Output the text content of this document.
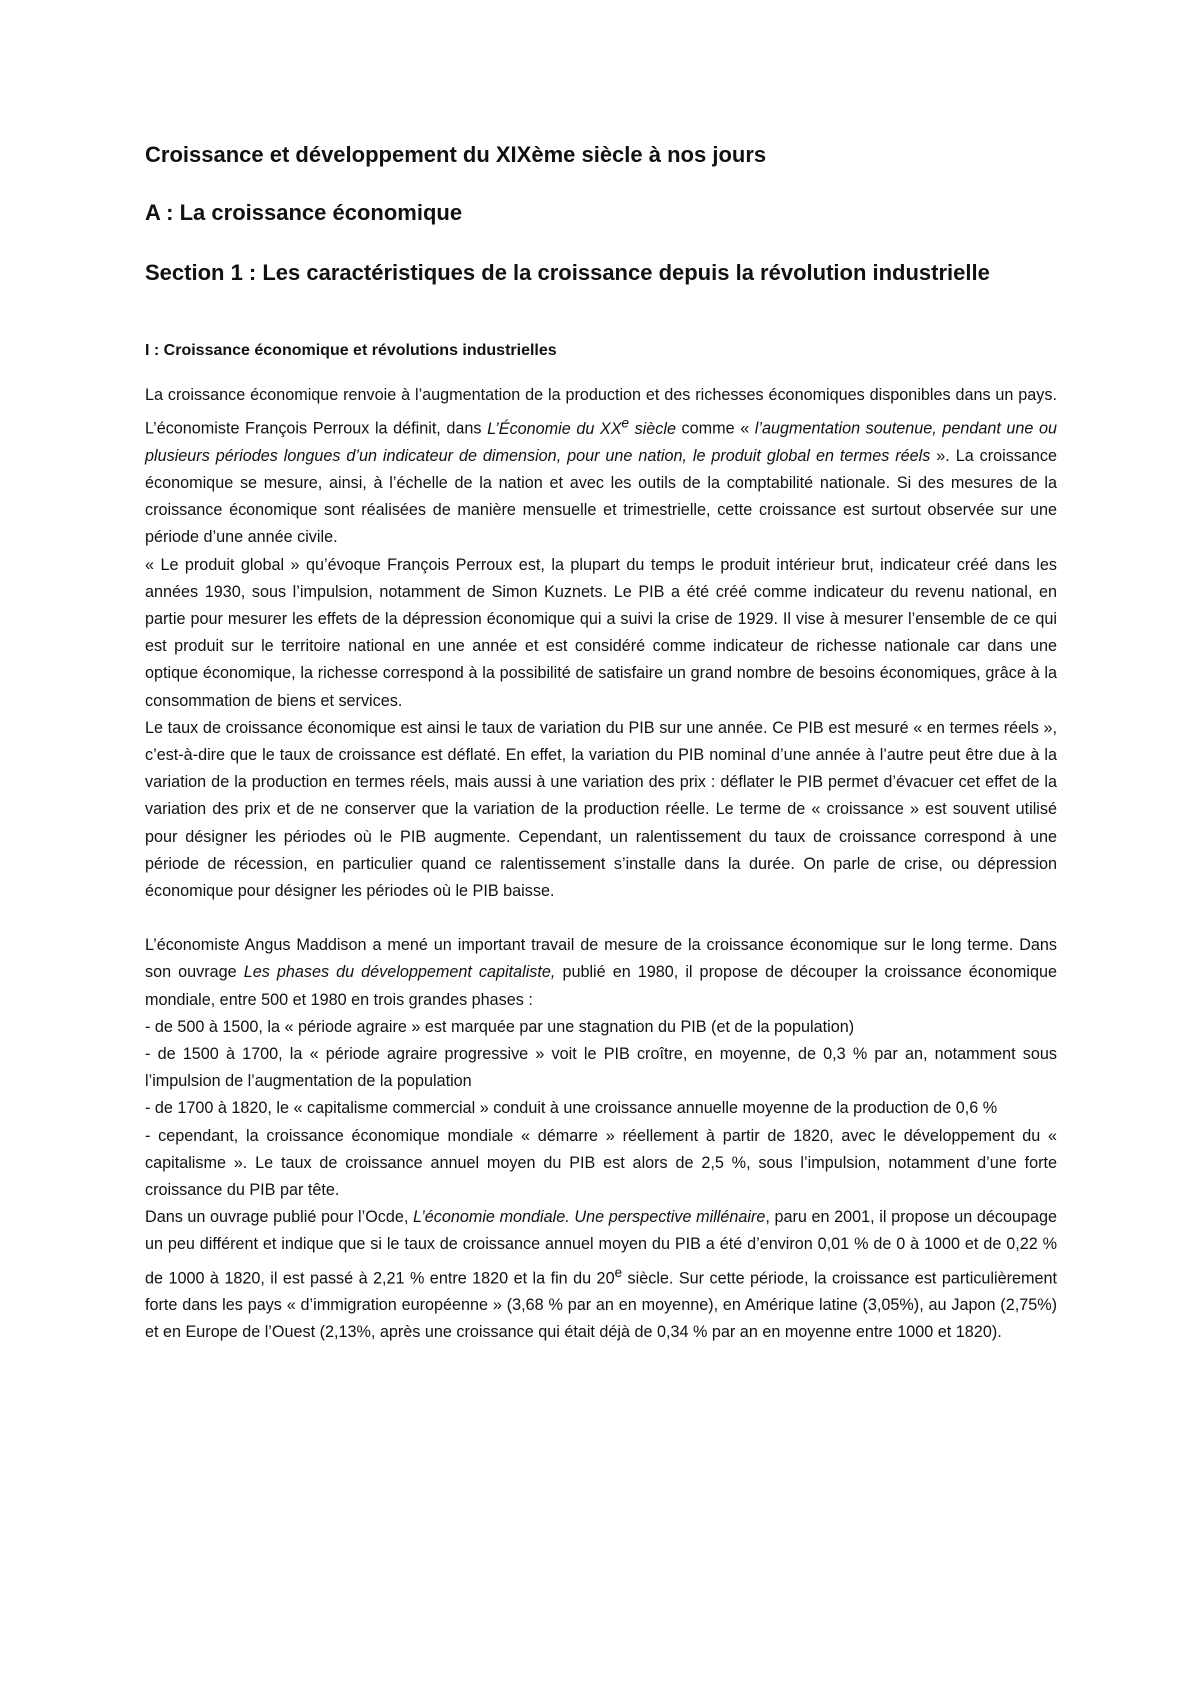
Croissance et développement du XIXème siècle à nos jours
A : La croissance économique
Section 1 : Les caractéristiques de la croissance depuis la révolution industrielle
I : Croissance économique et révolutions industrielles

La croissance économique renvoie à l’augmentation de la production et des richesses économiques disponibles dans un pays. L’économiste François Perroux la définit, dans L’Économie du XXe siècle comme « l’augmentation soutenue, pendant une ou plusieurs périodes longues d’un indicateur de dimension, pour une nation, le produit global en termes réels ». La croissance économique se mesure, ainsi, à l’échelle de la nation et avec les outils de la comptabilité nationale. Si des mesures de la croissance économique sont réalisées de manière mensuelle et trimestrielle, cette croissance est surtout observée sur une période d’une année civile.

« Le produit global » qu’évoque François Perroux est, la plupart du temps le produit intérieur brut, indicateur créé dans les années 1930, sous l’impulsion, notamment de Simon Kuznets. Le PIB a été créé comme indicateur du revenu national, en partie pour mesurer les effets de la dépression économique qui a suivi la crise de 1929. Il vise à mesurer l’ensemble de ce qui est produit sur le territoire national en une année et est considéré comme indicateur de richesse nationale car dans une optique économique, la richesse correspond à la possibilité de satisfaire un grand nombre de besoins économiques, grâce à la consommation de biens et services.

Le taux de croissance économique est ainsi le taux de variation du PIB sur une année. Ce PIB est mesuré « en termes réels », c’est-à-dire que le taux de croissance est déflaté. En effet, la variation du PIB nominal d’une année à l’autre peut être due à la variation de la production en termes réels, mais aussi à une variation des prix : déflater le PIB permet d’évacuer cet effet de la variation des prix et de ne conserver que la variation de la production réelle. Le terme de « croissance » est souvent utilisé pour désigner les périodes où le PIB augmente. Cependant, un ralentissement du taux de croissance correspond à une période de récession, en particulier quand ce ralentissement s’installe dans la durée. On parle de crise, ou dépression économique pour désigner les périodes où le PIB baisse.

L’économiste Angus Maddison a mené un important travail de mesure de la croissance économique sur le long terme. Dans son ouvrage Les phases du développement capitaliste, publié en 1980, il propose de découper la croissance économique mondiale, entre 500 et 1980 en trois grandes phases :

- de 500 à 1500, la « période agraire » est marquée par une stagnation du PIB (et de la population)

- de 1500 à 1700, la « période agraire progressive » voit le PIB croître, en moyenne, de 0,3 % par an, notamment sous l’impulsion de l’augmentation de la population

- de 1700 à 1820, le « capitalisme commercial » conduit à une croissance annuelle moyenne de la production de 0,6 %

- cependant, la croissance économique mondiale « démarre » réellement à partir de 1820, avec le développement du « capitalisme ». Le taux de croissance annuel moyen du PIB est alors de 2,5 %, sous l’impulsion, notamment d’une forte croissance du PIB par tête.

Dans un ouvrage publié pour l’Ocde, L’économie mondiale. Une perspective millénaire, paru en 2001, il propose un découpage un peu différent et indique que si le taux de croissance annuel moyen du PIB a été d’environ 0,01 % de 0 à 1000 et de 0,22 % de 1000 à 1820, il est passé à 2,21 % entre 1820 et la fin du 20e siècle. Sur cette période, la croissance est particulièrement forte dans les pays « d’immigration européenne » (3,68 % par an en moyenne), en Amérique latine (3,05%), au Japon (2,75%) et en Europe de l’Ouest (2,13%, après une croissance qui était déjà de 0,34 % par an en moyenne entre 1000 et 1820).
